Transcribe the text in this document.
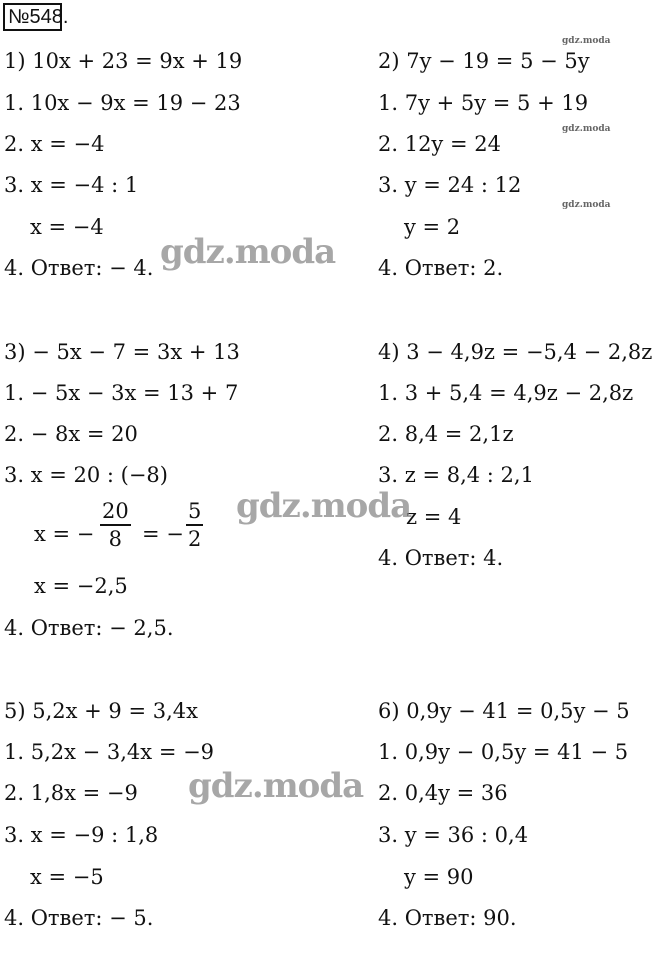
№548.
1) 10x + 23 = 9x + 19
1. 10x − 9x = 19 − 23
2. x = −4
3. x = −4 : 1
x = −4
4. Ответ: − 4.
2) 7y − 19 = 5 − 5y
1. 7y + 5y = 5 + 19
2. 12y = 24
3. y = 24 : 12
y = 2
4. Ответ: 2.
3) − 5x − 7 = 3x + 13
1. − 5x − 3x = 13 + 7
2. − 8x = 20
3. x = 20 : (−8)
x = − $\frac{20}{8}$ = − $\frac{5}{2}$
x = −2,5
4. Ответ: − 2,5.
4) 3 − 4,9z = −5,4 − 2,8z
1. 3 + 5,4 = 4,9z − 2,8z
2. 8,4 = 2,1z
3. z = 8,4 : 2,1
z = 4
4. Ответ: 4.
5) 5,2x + 9 = 3,4x
1. 5,2x − 3,4x = −9
2. 1,8x = −9
3. x = −9 : 1,8
x = −5
4. Ответ: − 5.
6) 0,9y − 41 = 0,5y − 5
1. 0,9y − 0,5y = 41 − 5
2. 0,4y = 36
3. y = 36 : 0,4
y = 90
4. Ответ: 90.
gdz.moda
gdz.moda
gdz.moda
gdz.moda
gdz.moda
gdz.moda
